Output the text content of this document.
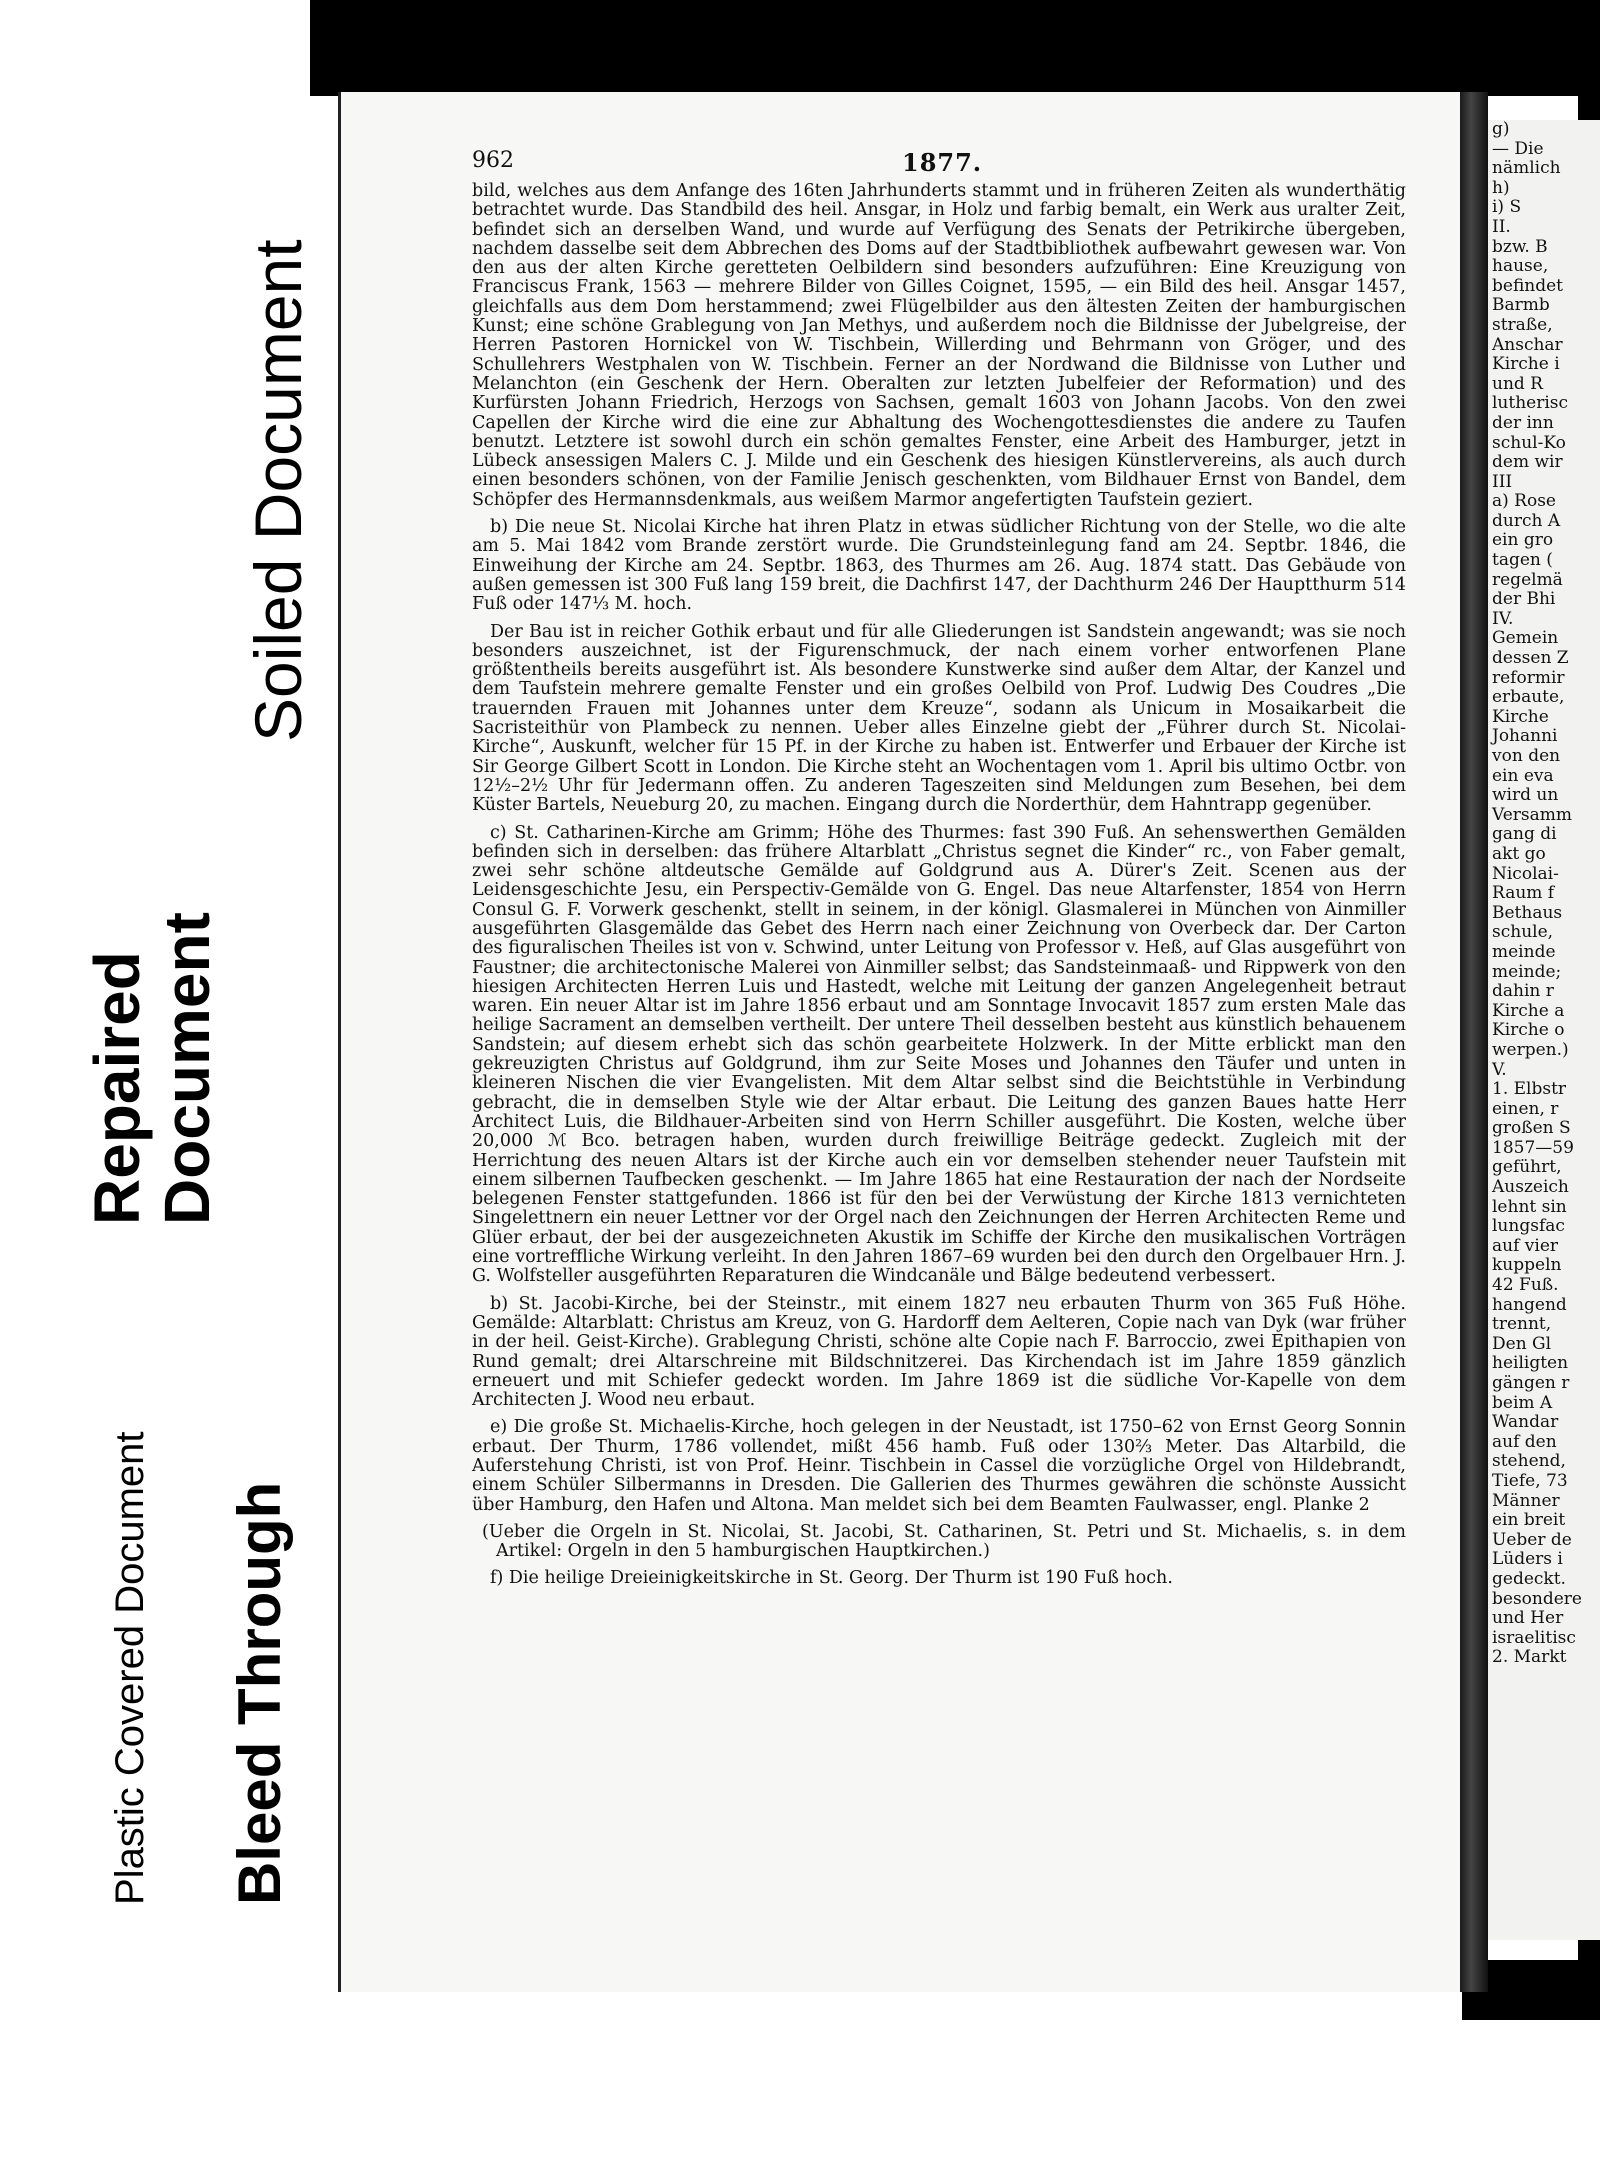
Plastic Covered Document Bleed Through
Repaired
Document
Soiled Document
962	1877.

bild, welches aus dem Anfange des 16ten Jahrhunderts stammt und in früheren Zeiten als wunderthätig betrachtet wurde. Das Standbild des heil. Ansgar, in Holz und farbig bemalt, ein Werk aus uralter Zeit, befindet sich an derselben Wand, und wurde auf Verfügung des Senats der Petrikirche übergeben, nachdem dasselbe seit dem Abbrechen des Doms auf der Stadtbibliothek aufbewahrt gewesen war. Von den aus der alten Kirche geretteten Oelbildern sind besonders aufzuführen: Eine Kreuzigung von Franciscus Frank, 1563 — mehrere Bilder von Gilles Coignet, 1595, — ein Bild des heil. Ansgar 1457, gleichfalls aus dem Dom herstammend; zwei Flügelbilder aus den ältesten Zeiten der hamburgischen Kunst; eine schöne Grablegung von Jan Methys, und außerdem noch die Bildnisse der Jubelgreise, der Herren Pastoren Hornickel von W. Tischbein, Willerding und Behrmann von Gröger, und des Schullehrers Westphalen von W. Tischbein. Ferner an der Nordwand die Bildnisse von Luther und Melanchton (ein Geschenk der Hern. Oberalten zur letzten Jubelfeier der Reformation) und des Kurfürsten Johann Friedrich, Herzogs von Sachsen, gemalt 1603 von Johann Jacobs. Von den zwei Capellen der Kirche wird die eine zur Abhaltung des Wochengottesdienstes die andere zu Taufen benutzt. Letztere ist sowohl durch ein schön gemaltes Fenster, eine Arbeit des Hamburger, jetzt in Lübeck ansessigen Malers C. J. Milde und ein Geschenk des hiesigen Künstlervereins, als auch durch einen besonders schönen, von der Familie Jenisch geschenkten, vom Bildhauer Ernst von Bandel, dem Schöpfer des Hermannsdenkmals, aus weißem Marmor angefertigten Taufstein geziert.

b) Die neue St. Nicolai Kirche hat ihren Platz in etwas südlicher Richtung von der Stelle, wo die alte am 5. Mai 1842 vom Brande zerstört wurde. Die Grundsteinlegung fand am 24. Septbr. 1846, die Einweihung der Kirche am 24. Septbr. 1863, des Thurmes am 26. Aug. 1874 statt. Das Gebäude von außen gemessen ist 300 Fuß lang 159 breit, die Dachfirst 147, der Dachthurm 246 Der Hauptthurm 514 Fuß oder 147⅓ M. hoch.

Der Bau ist in reicher Gothik erbaut und für alle Gliederungen ist Sandstein angewandt; was sie noch besonders auszeichnet, ist der Figurenschmuck, der nach einem vorher entworfenen Plane größtentheils bereits ausgeführt ist. Als besondere Kunstwerke sind außer dem Altar, der Kanzel und dem Taufstein mehrere gemalte Fenster und ein großes Oelbild von Prof. Ludwig Des Coudres „Die trauernden Frauen mit Johannes unter dem Kreuze“, sodann als Unicum in Mosaikarbeit die Sacristeithür von Plambeck zu nennen. Ueber alles Einzelne giebt der „Führer durch St. Nicolai-Kirche“, Auskunft, welcher für 15 Pf. in der Kirche zu haben ist. Entwerfer und Erbauer der Kirche ist Sir George Gilbert Scott in London. Die Kirche steht an Wochentagen vom 1. April bis ultimo Octbr. von 12½–2½ Uhr für Jedermann offen. Zu anderen Tageszeiten sind Meldungen zum Besehen, bei dem Küster Bartels, Neueburg 20, zu machen. Eingang durch die Norderthür, dem Hahntrapp gegenüber.

c) St. Catharinen-Kirche am Grimm; Höhe des Thurmes: fast 390 Fuß. An sehenswerthen Gemälden befinden sich in derselben: das frühere Altarblatt „Christus segnet die Kinder“ rc., von Faber gemalt, zwei sehr schöne altdeutsche Gemälde auf Goldgrund aus A. Dürer's Zeit. Scenen aus der Leidensgeschichte Jesu, ein Perspectiv-Gemälde von G. Engel. Das neue Altarfenster, 1854 von Herrn Consul G. F. Vorwerk geschenkt, stellt in seinem, in der königl. Glasmalerei in München von Ainmiller ausgeführten Glasgemälde das Gebet des Herrn nach einer Zeichnung von Overbeck dar. Der Carton des figuralischen Theiles ist von v. Schwind, unter Leitung von Professor v. Heß, auf Glas ausgeführt von Faustner; die architectonische Malerei von Ainmiller selbst; das Sandsteinmaaß- und Rippwerk von den hiesigen Architecten Herren Luis und Hastedt, welche mit Leitung der ganzen Angelegenheit betraut waren. Ein neuer Altar ist im Jahre 1856 erbaut und am Sonntage Invocavit 1857 zum ersten Male das heilige Sacrament an demselben vertheilt. Der untere Theil desselben besteht aus künstlich behauenem Sandstein; auf diesem erhebt sich das schön gearbeitete Holzwerk. In der Mitte erblickt man den gekreuzigten Christus auf Goldgrund, ihm zur Seite Moses und Johannes den Täufer und unten in kleineren Nischen die vier Evangelisten. Mit dem Altar selbst sind die Beichtstühle in Verbindung gebracht, die in demselben Style wie der Altar erbaut. Die Leitung des ganzen Baues hatte Herr Architect Luis, die Bildhauer-Arbeiten sind von Herrn Schiller ausgeführt. Die Kosten, welche über 20,000 ℳ Bco. betragen haben, wurden durch freiwillige Beiträge gedeckt. Zugleich mit der Herrichtung des neuen Altars ist der Kirche auch ein vor demselben stehender neuer Taufstein mit einem silbernen Taufbecken geschenkt. — Im Jahre 1865 hat eine Restauration der nach der Nordseite belegenen Fenster stattgefunden. 1866 ist für den bei der Verwüstung der Kirche 1813 vernichteten Singelettnern ein neuer Lettner vor der Orgel nach den Zeichnungen der Herren Architecten Reme und Glüer erbaut, der bei der ausgezeichneten Akustik im Schiffe der Kirche den musikalischen Vorträgen eine vortreffliche Wirkung verleiht. In den Jahren 1867–69 wurden bei den durch den Orgelbauer Hrn. J. G. Wolfsteller ausgeführten Reparaturen die Windcanäle und Bälge bedeutend verbessert.

b) St. Jacobi-Kirche, bei der Steinstr., mit einem 1827 neu erbauten Thurm von 365 Fuß Höhe. Gemälde: Altarblatt: Christus am Kreuz, von G. Hardorff dem Aelteren, Copie nach van Dyk (war früher in der heil. Geist-Kirche). Grablegung Christi, schöne alte Copie nach F. Barroccio, zwei Epithapien von Rund gemalt; drei Altarschreine mit Bildschnitzerei. Das Kirchendach ist im Jahre 1859 gänzlich erneuert und mit Schiefer gedeckt worden. Im Jahre 1869 ist die südliche Vor-Kapelle von dem Architecten J. Wood neu erbaut.

e) Die große St. Michaelis-Kirche, hoch gelegen in der Neustadt, ist 1750–62 von Ernst Georg Sonnin erbaut. Der Thurm, 1786 vollendet, mißt 456 hamb. Fuß oder 130⅔ Meter. Das Altarbild, die Auferstehung Christi, ist von Prof. Heinr. Tischbein in Cassel die vorzügliche Orgel von Hildebrandt, einem Schüler Silbermanns in Dresden. Die Gallerien des Thurmes gewähren die schönste Aussicht über Hamburg, den Hafen und Altona. Man meldet sich bei dem Beamten Faulwasser, engl. Planke 2

(Ueber die Orgeln in St. Nicolai, St. Jacobi, St. Catharinen, St. Petri und St. Michaelis, s. in dem Artikel: Orgeln in den 5 hamburgischen Hauptkirchen.)

f) Die heilige Dreieinigkeitskirche in St. Georg. Der Thurm ist 190 Fuß hoch.

g)
— Die
nämlich
h)
i) S
II.
bzw. B
hause,
befindet
Barmb
straße,
Anschar
Kirche i
und R
lutherisc
der inn
schul-Ko
dem wir
III
a) Rose
durch A
ein gro
tagen (
regelmä
der Bhi
IV.
Gemein
dessen Z
reformir
erbaute,
Kirche
Johanni
von den
ein eva
wird un
Versamm
gang di
akt go
Nicolai-
Raum f
Bethaus
schule,
meinde
meinde;
dahin r
Kirche a
Kirche o
werpen.)
V.
1. Elbstr
einen, r
großen S
1857—59
geführt,
Auszeich
lehnt sin
lungsfac
auf vier
kuppeln
42 Fuß.
hangend
trennt,
Den Gl
heiligten
gängen r
beim A
Wandar
auf den
stehend,
Tiefe, 73
Männer
ein breit
Ueber de
Lüders i
gedeckt.
besondere
und Her
israelitisc
2. Markt
